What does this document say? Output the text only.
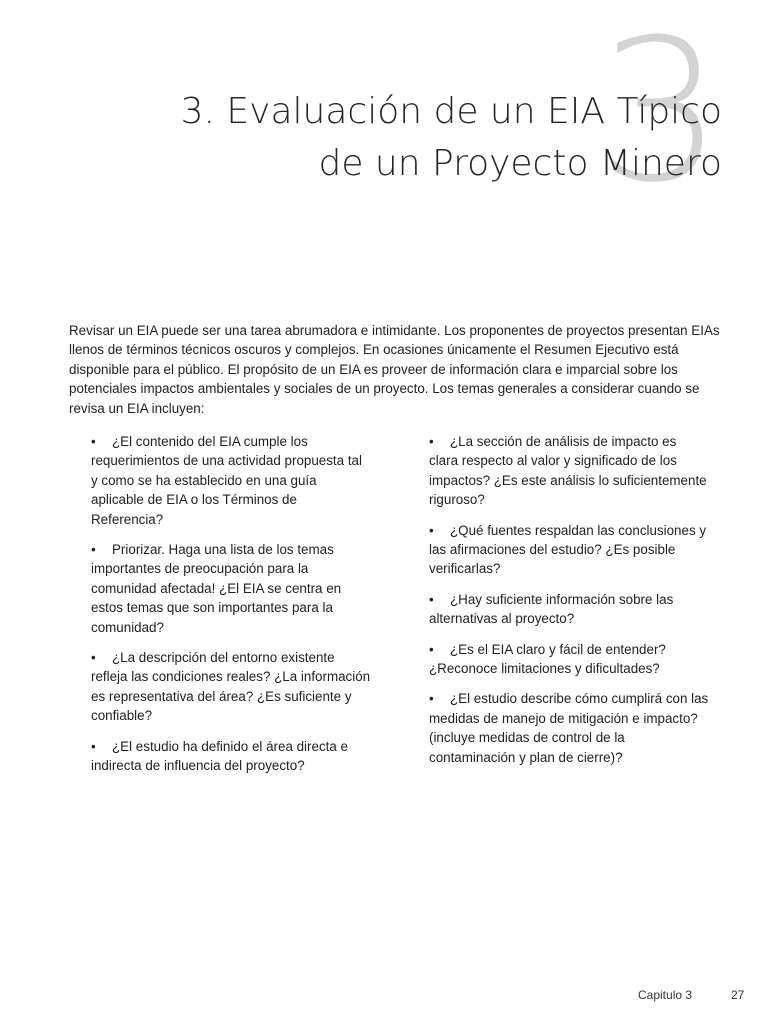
3
3. Evaluación de un EIA Típico
de un Proyecto Minero

Revisar un EIA puede ser una tarea abrumadora e intimidante. Los proponentes de proyectos presentan EIAs llenos de términos técnicos oscuros y complejos. En ocasiones únicamente el Resumen Ejecutivo está disponible para el público. El propósito de un EIA es proveer de información clara e imparcial sobre los potenciales impactos ambientales y sociales de un proyecto. Los temas generales a considerar cuando se revisa un EIA incluyen:

• ¿El contenido del EIA cumple los requerimientos de una actividad propuesta tal y como se ha establecido en una guía aplicable de EIA o los Términos de Referencia?
• Priorizar. Haga una lista de los temas importantes de preocupación para la comunidad afectada! ¿El EIA se centra en estos temas que son importantes para la comunidad?
• ¿La descripción del entorno existente refleja las condiciones reales? ¿La información es representativa del área? ¿Es suficiente y confiable?
• ¿El estudio ha definido el área directa e indirecta de influencia del proyecto?
• ¿La sección de análisis de impacto es clara respecto al valor y significado de los impactos? ¿Es este análisis lo suficientemente riguroso?
• ¿Qué fuentes respaldan las conclusiones y las afirmaciones del estudio? ¿Es posible verificarlas?
• ¿Hay suficiente información sobre las alternativas al proyecto?
• ¿Es el EIA claro y fácil de entender? ¿Reconoce limitaciones y dificultades?
• ¿El estudio describe cómo cumplirá con las medidas de manejo de mitigación e impacto? (incluye medidas de control de la contaminación y plan de cierre)?
Capitulo 3	27
